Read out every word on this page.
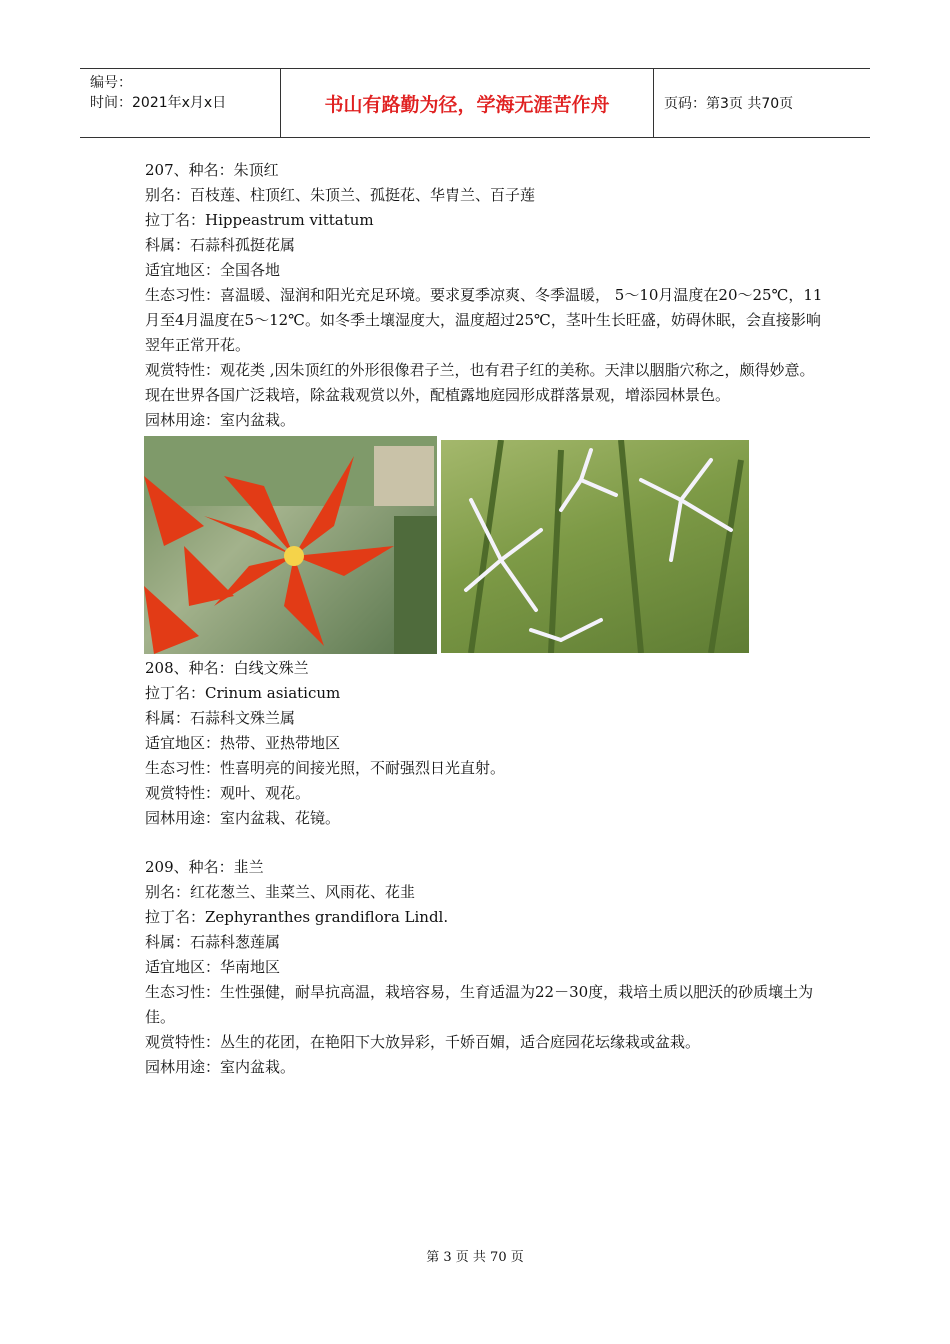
编号：
时间：2021年x月x日	书山有路勤为径，学海无涯苦作舟	页码：第3页 共70页

207、种名：朱顶红

别名：百枝莲、柱顶红、朱顶兰、孤挺花、华胄兰、百子莲

拉丁名：Hippeastrum vittatum

科属：石蒜科孤挺花属

适宜地区：全国各地

生态习性：喜温暖、湿润和阳光充足环境。要求夏季凉爽、冬季温暖， 5～10月温度在20～25℃，11月至4月温度在5～12℃。如冬季土壤湿度大，温度超过25℃，茎叶生长旺盛，妨碍休眠，会直接影响翌年正常开花。

观赏特性：观花类 ,因朱顶红的外形很像君子兰，也有君子红的美称。天津以胭脂穴称之，颇得妙意。现在世界各国广泛栽培，除盆栽观赏以外，配植露地庭园形成群落景观，增添园林景色。

园林用途：室内盆栽。

208、种名：白线文殊兰

拉丁名：Crinum asiaticum

科属：石蒜科文殊兰属

适宜地区：热带、亚热带地区

生态习性：性喜明亮的间接光照，不耐强烈日光直射。

观赏特性：观叶、观花。

园林用途：室内盆栽、花镜。

209、种名：韭兰

别名：红花葱兰、韭菜兰、风雨花、花韭

拉丁名：Zephyranthes grandiflora Lindl.

科属：石蒜科葱莲属

适宜地区：华南地区

生态习性：生性强健，耐旱抗高温，栽培容易，生育适温为22－30度，栽培土质以肥沃的砂质壤土为佳。

观赏特性：丛生的花团，在艳阳下大放异彩，千娇百媚，适合庭园花坛缘栽或盆栽。

园林用途：室内盆栽。

第 3 页 共 70 页
